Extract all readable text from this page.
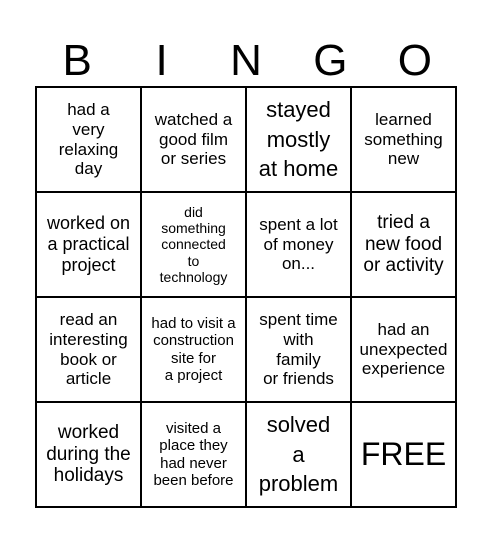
B	I	N	G	O
had a
very
relaxing
day
watched a
good film
or series
stayed
mostly
at home
learned
something
new
worked on
a practical
project
did
something
connected
to
technology
spent a lot
of money
on...
tried a
new food
or activity
read an
interesting
book or
article
had to visit a
construction
site for
a project
spent time
with
family
or friends
had an
unexpected
experience
worked
during the
holidays
visited a
place they
had never
been before
solved
a
problem
FREE
